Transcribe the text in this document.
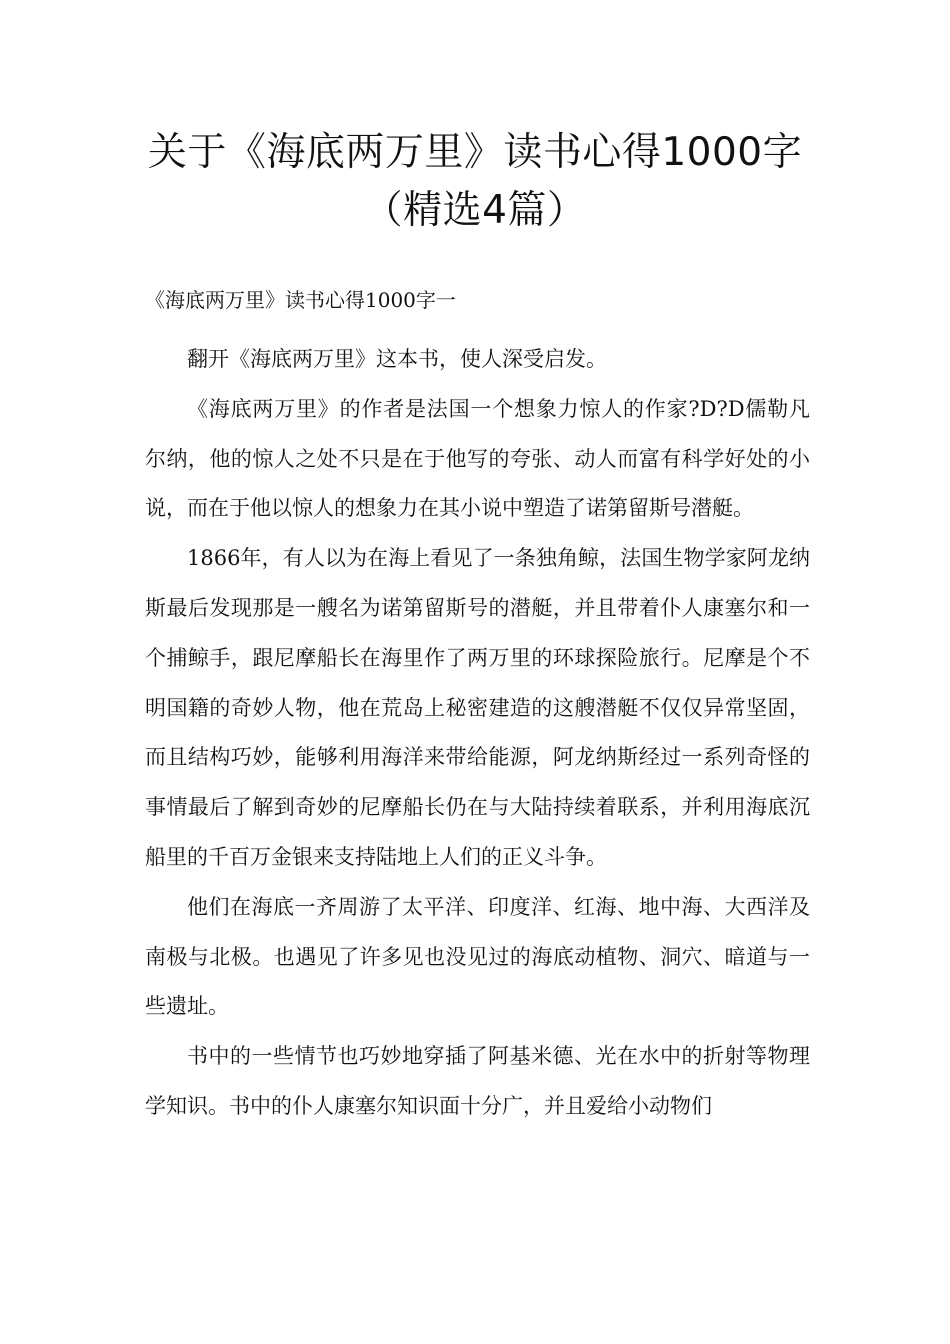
关于《海底两万里》读书心得1000字
（精选4篇）

《海底两万里》读书心得1000字一

翻开《海底两万里》这本书，使人深受启发。

《海底两万里》的作者是法国一个想象力惊人的作家?D?D儒勒凡尔纳，他的惊人之处不只是在于他写的夸张、动人而富有科学好处的小说，而在于他以惊人的想象力在其小说中塑造了诺第留斯号潜艇。

1866年，有人以为在海上看见了一条独角鲸，法国生物学家阿龙纳斯最后发现那是一艘名为诺第留斯号的潜艇，并且带着仆人康塞尔和一个捕鲸手，跟尼摩船长在海里作了两万里的环球探险旅行。尼摩是个不明国籍的奇妙人物，他在荒岛上秘密建造的这艘潜艇不仅仅异常坚固，而且结构巧妙，能够利用海洋来带给能源，阿龙纳斯经过一系列奇怪的事情最后了解到奇妙的尼摩船长仍在与大陆持续着联系，并利用海底沉船里的千百万金银来支持陆地上人们的正义斗争。

他们在海底一齐周游了太平洋、印度洋、红海、地中海、大西洋及南极与北极。也遇见了许多见也没见过的海底动植物、洞穴、暗道与一些遗址。

书中的一些情节也巧妙地穿插了阿基米德、光在水中的折射等物理学知识。书中的仆人康塞尔知识面十分广，并且爱给小动物们
